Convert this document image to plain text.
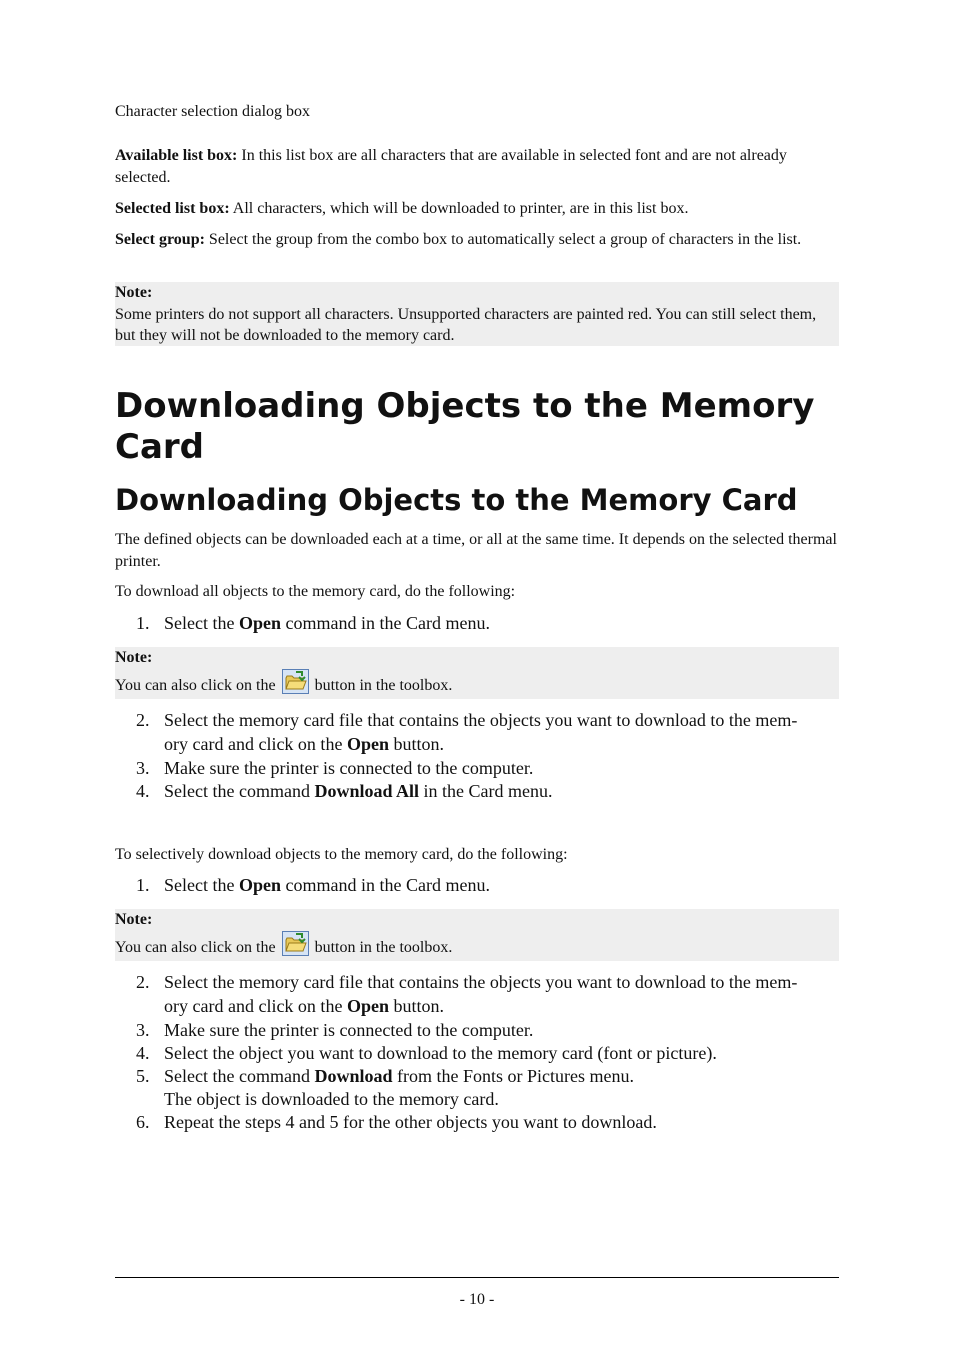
Character selection dialog box
Available list box: In this list box are all characters that are available in selected font and are not already selected.
Selected list box: All characters, which will be downloaded to printer, are in this list box.
Select group: Select the group from the combo box to automatically select a group of characters in the list.
Note:
Some printers do not support all characters. Unsupported characters are painted red. You can still select them, but they will not be downloaded to the memory card.
Downloading Objects to the Memory Card
Downloading Objects to the Memory Card
The defined objects can be downloaded each at a time, or all at the same time. It depends on the selected thermal printer.
To download all objects to the memory card, do the following:
1. Select the Open command in the Card menu.
Note:
You can also click on the button in the toolbox.
2. Select the memory card file that contains the objects you want to download to the mem-
ory card and click on the Open button.
3. Make sure the printer is connected to the computer.
4. Select the command Download All in the Card menu.
To selectively download objects to the memory card, do the following:
1. Select the Open command in the Card menu.
Note:
You can also click on the button in the toolbox.
2. Select the memory card file that contains the objects you want to download to the mem-
ory card and click on the Open button.
3. Make sure the printer is connected to the computer.
4. Select the object you want to download to the memory card (font or picture).
5. Select the command Download from the Fonts or Pictures menu.
The object is downloaded to the memory card.
6. Repeat the steps 4 and 5 for the other objects you want to download.
- 10 -
